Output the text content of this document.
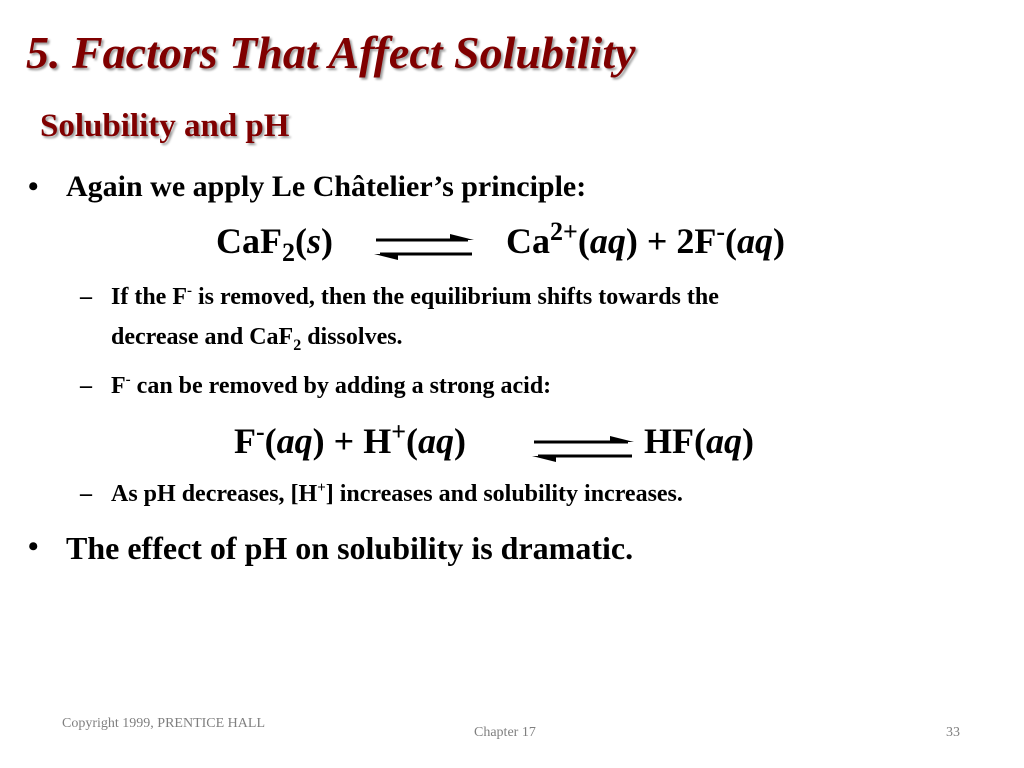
5. Factors That Affect Solubility
Solubility and pH
• Again we apply Le Châtelier’s principle:
CaF$_2$(s)	$Ca^{2+}(aq) + 2F^-(aq)$
– If the F- is removed, then the equilibrium shifts towards the
decrease and CaF$_2$ dissolves.
– F- can be removed by adding a strong acid:
F-(aq) + H+(aq)	HF(aq)
– As pH decreases, [H+] increases and solubility increases.
• The effect of pH on solubility is dramatic.
Copyright 1999, PRENTICE HALL
Chapter 17	33
